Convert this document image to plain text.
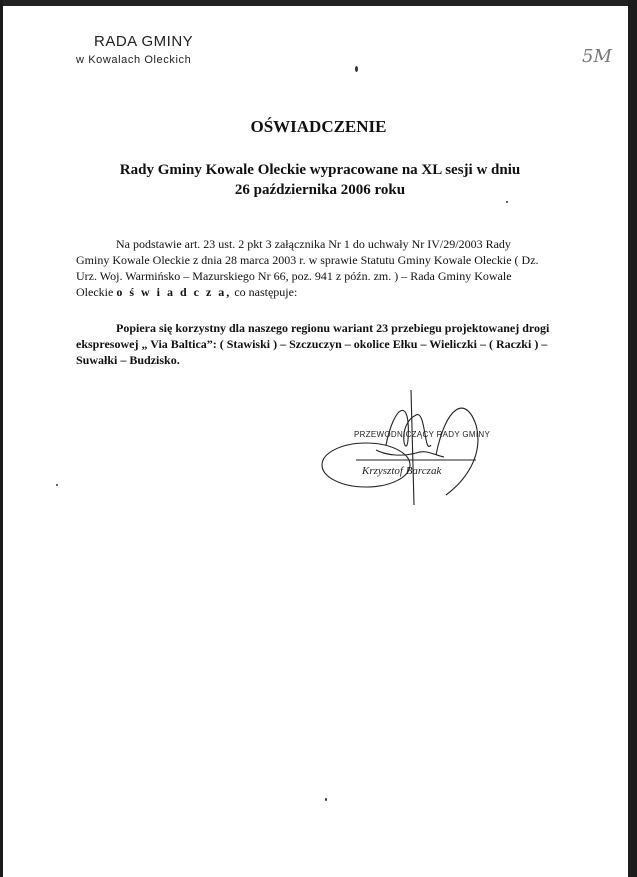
RADA GMINY
w Kowalach Oleckich	5M
OŚWIADCZENIE
Rady Gminy Kowale Oleckie wypracowane na XL sesji w dniu
26 października 2006 roku
Na podstawie art. 23 ust. 2 pkt 3 załącznika Nr 1 do uchwały Nr IV/29/2003 Rady Gminy Kowale Oleckie z dnia 28 marca 2003 r. w sprawie Statutu Gminy Kowale Oleckie ( Dz. Urz. Woj. Warmińsko – Mazurskiego Nr 66, poz. 941 z późn. zm. ) – Rada Gminy Kowale Oleckie o ś w i a d c z a, co następuje:
Popiera się korzystny dla naszego regionu wariant 23 przebiegu projektowanej drogi ekspresowej „ Via Baltica”: ( Stawiski ) – Szczuczyn – okolice Ełku – Wieliczki – ( Raczki ) – Suwałki – Budzisko.
PRZEWODNICZĄCY RADY GMINY
Krzysztof Barczak
